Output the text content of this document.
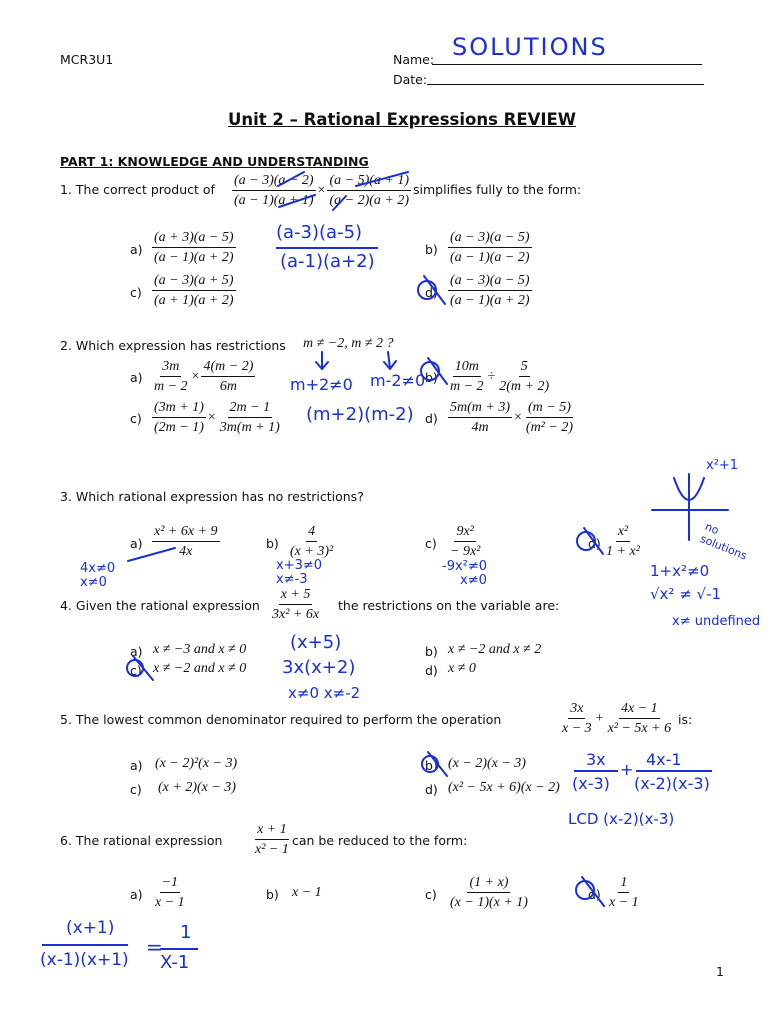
MCR3U1	Name: SOLUTIONS
Date:
Unit 2 – Rational Expressions REVIEW
PART 1: KNOWLEDGE AND UNDERSTANDING
1. The correct product of $\frac{(a - 3)(a - 2)}{(a - 1)(a + 1)} \times \frac{(a - 5)(a + 1)}{(a - 2)(a + 2)}$ simplifies fully to the form:
$a) \frac{(a + 3)(a - 5)}{(a - 1)(a + 2)}$	$b) \frac{(a - 3)(a - 5)}{(a - 1)(a - 2)}$
$c) \frac{(a - 3)(a + 5)}{(a + 1)(a + 2)}$	$d) \frac{(a - 3)(a - 5)}{(a - 1)(a + 2)}$
(a-3)(a-5)
(a-1)(a+2)
2. Which expression has restrictions m ≠ −2, m ≠ 2 ?
$a) \frac{3m}{m - 2} \times \frac{4(m - 2)}{6m}$	$b) \frac{10m}{m - 2} \div \frac{5}{2(m + 2)}$
$c) \frac{(3m + 1)}{(2m - 1)} \times \frac{2m - 1}{3m(m + 1)}$	$d) \frac{5m(m + 3)}{4m} \times \frac{(m - 5)}{\text{(m² − 2)}}$
m+2≠0 m-2≠0
(m+2)(m-2)
3. Which rational expression has no restrictions?
$a) \frac{\text{x² + 6x + 9}}{4x}$	$b) \frac{4}{\text{(x + 3)²}}$	$c) \frac{\text{9x²}}{\text{− 9x²}}$	$d) \frac{\text{x²}}{\text{1 + x²}}$
4x≠0
x≠0
x+3≠0
x≠-3
-9x²≠0
x≠0
1+x²≠0
√x² ≠ √-1
x≠ undefined
x²+1
no solutions
4. Given the rational expression $\frac{x + 5}{\text{3x² + 6x}}$ the restrictions on the variable are:
a) x ≠ −3 and x ≠ 0	b) x ≠ −2 and x ≠ 2
c) x ≠ −2 and x ≠ 0	d) x ≠ 0
(x+5)
3x(x+2)
x≠0 x≠-2
5. The lowest common denominator required to perform the operation	$\frac{3x}{x - 3} + \frac{4x - 1}{\text{x² − 5x + 6}}$ is:
a) (x − 2)²(x − 3)	b) (x − 2)(x − 3)
c) (x + 2)(x − 3)	d) (x² − 5x + 6)(x − 2)
3x
(x-3)
+
4x-1
(x-2)(x-3)
LCD (x-2)(x-3)
6. The rational expression $\frac{x + 1}{\text{x² − 1}}$ can be reduced to the form:
$a) \frac{-1}{x - 1}$	b) x − 1	$c) \frac{(1 + x)}{(x - 1)(x + 1)}$	$d) \frac{1}{x - 1}$
(x+1)
(x-1)(x+1)
=
1
X-1	1
